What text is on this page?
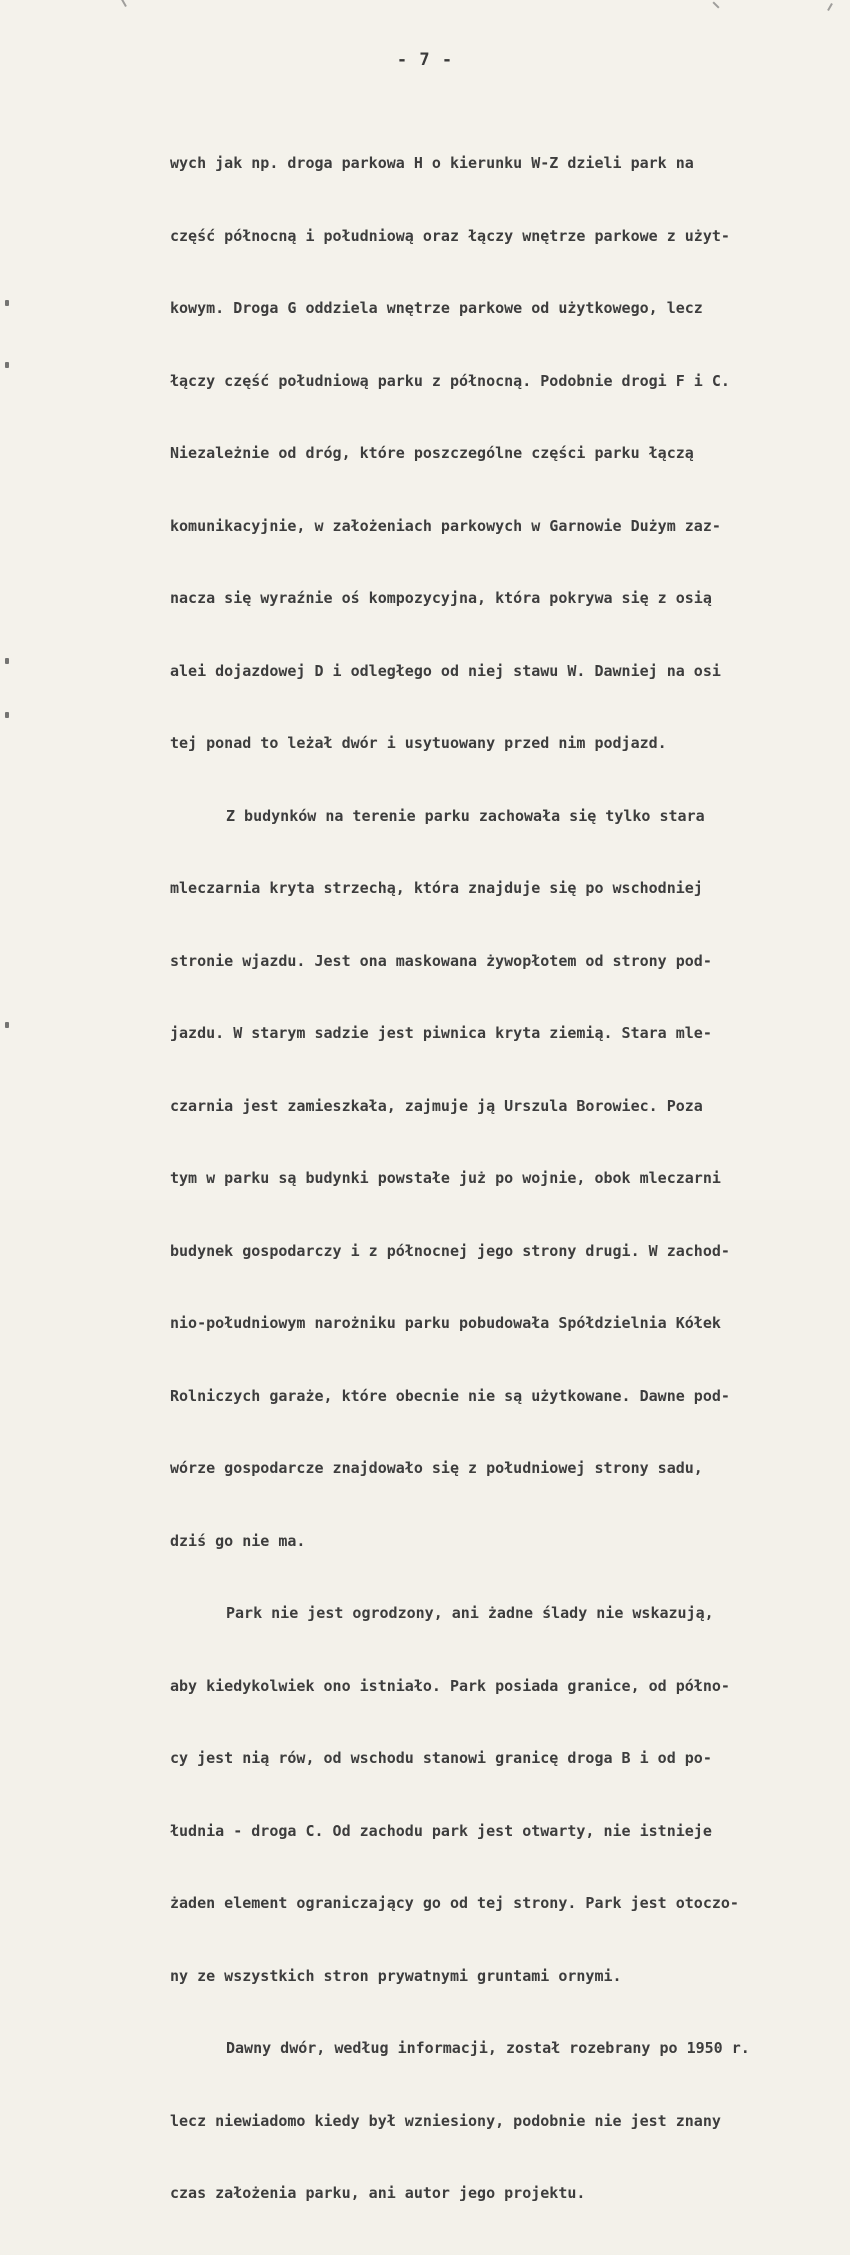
- 7 -

wych jak np. droga parkowa H o kierunku W-Z dzieli park na

część północną i południową oraz łączy wnętrze parkowe z użyt-

kowym. Droga G oddziela wnętrze parkowe od użytkowego, lecz

łączy część południową parku z północną. Podobnie drogi F i C.

Niezależnie od dróg, które poszczególne części parku łączą

komunikacyjnie, w założeniach parkowych w Garnowie Dużym zaz-

nacza się wyraźnie oś kompozycyjna, która pokrywa się z osią

alei dojazdowej D i odległego od niej stawu W. Dawniej na osi

tej ponad to leżał dwór i usytuowany przed nim podjazd.

Z budynków na terenie parku zachowała się tylko stara

mleczarnia kryta strzechą, która znajduje się po wschodniej

stronie wjazdu. Jest ona maskowana żywopłotem od strony pod-

jazdu. W starym sadzie jest piwnica kryta ziemią. Stara mle-

czarnia jest zamieszkała, zajmuje ją Urszula Borowiec. Poza

tym w parku są budynki powstałe już po wojnie, obok mleczarni

budynek gospodarczy i z północnej jego strony drugi. W zachod-

nio-południowym narożniku parku pobudowała Spółdzielnia Kółek

Rolniczych garaże, które obecnie nie są użytkowane. Dawne pod-

wórze gospodarcze znajdowało się z południowej strony sadu,

dziś go nie ma.

Park nie jest ogrodzony, ani żadne ślady nie wskazują,

aby kiedykolwiek ono istniało. Park posiada granice, od półno-

cy jest nią rów, od wschodu stanowi granicę droga B i od po-

łudnia - droga C. Od zachodu park jest otwarty, nie istnieje

żaden element ograniczający go od tej strony. Park jest otoczo-

ny ze wszystkich stron prywatnymi gruntami ornymi.

Dawny dwór, według informacji, został rozebrany po 1950 r.

lecz niewiadomo kiedy był wzniesiony, podobnie nie jest znany

czas założenia parku, ani autor jego projektu.
